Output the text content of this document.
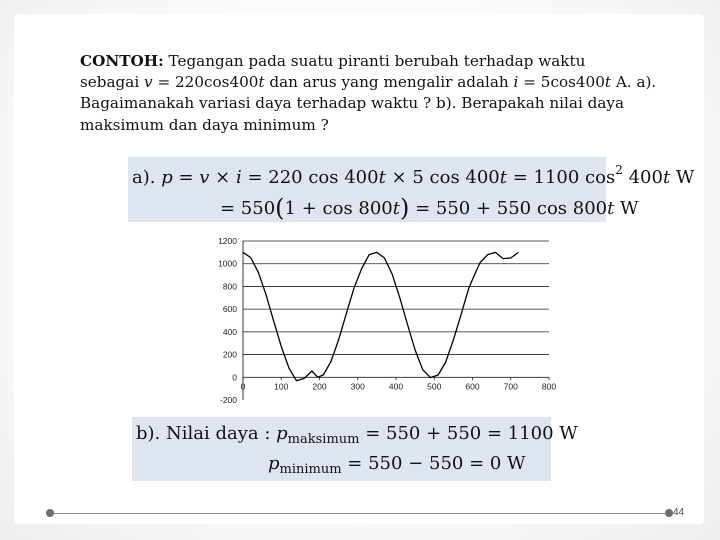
CONTOH: Tegangan pada suatu piranti berubah terhadap waktu
sebagai v = 220cos400t dan arus yang mengalir adalah i = 5cos400t A. a).
Bagaimanakah variasi daya terhadap waktu ? b). Berapakah nilai daya
maksimum dan daya minimum ?
a). p = v × i = 220 cos 400t × 5 cos 400t = 1100 $\cos^2 400t$ W
= 550(1 + cos 800t) = 550 + 550 cos 800t W
-200
0
200
400
600
800
1000
1200
0	100	200	300	400	500	600	700	800
b). Nilai daya : $p_{maksimum} = 550 + 550 = 1100$ W
$p_{minimum} = 550 - 550 = 0$ W
44
